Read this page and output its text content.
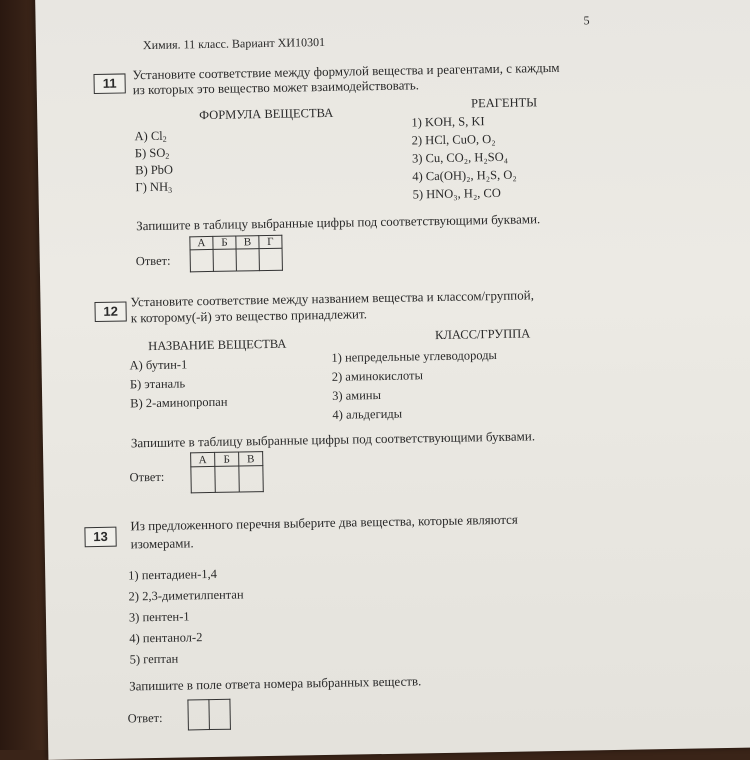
Химия. 11 класс. Вариант ХИ10301
5
11
Установите соответствие между формулой вещества и реагентами, с каждым
из которых это вещество может взаимодействовать.
ФОРМУЛА ВЕЩЕСТВА
РЕАГЕНТЫ
А) $Cl_2$
Б) $SO_2$
В) PbO
Г) $NH_3$
1) KOH, S, KI
2) HCl, CuO, O₂
3) Cu, CO₂, H₂SO₄
4) Ca(OH)₂, H₂S, O₂
5) HNO₃, H₂, CO
Запишите в таблицу выбранные цифры под соответствующими буквами.
Ответ:
А	Б	В	Г

12
Установите соответствие между названием вещества и классом/группой,
к которому(-й) это вещество принадлежит.
НАЗВАНИЕ ВЕЩЕСТВА
КЛАСС/ГРУППА
А) бутин-1
Б) этаналь
В) 2-аминопропан
1) непредельные углеводороды
2) аминокислоты
3) амины
4) альдегиды
Запишите в таблицу выбранные цифры под соответствующими буквами.
Ответ:
А	Б	В

13
Из предложенного перечня выберите два вещества, которые являются
изомерами.
1) пентадиен-1,4
2) 2,3-диметилпентан
3) пентен-1
4) пентанол-2
5) гептан
Запишите в поле ответа номера выбранных веществ.
Ответ:
